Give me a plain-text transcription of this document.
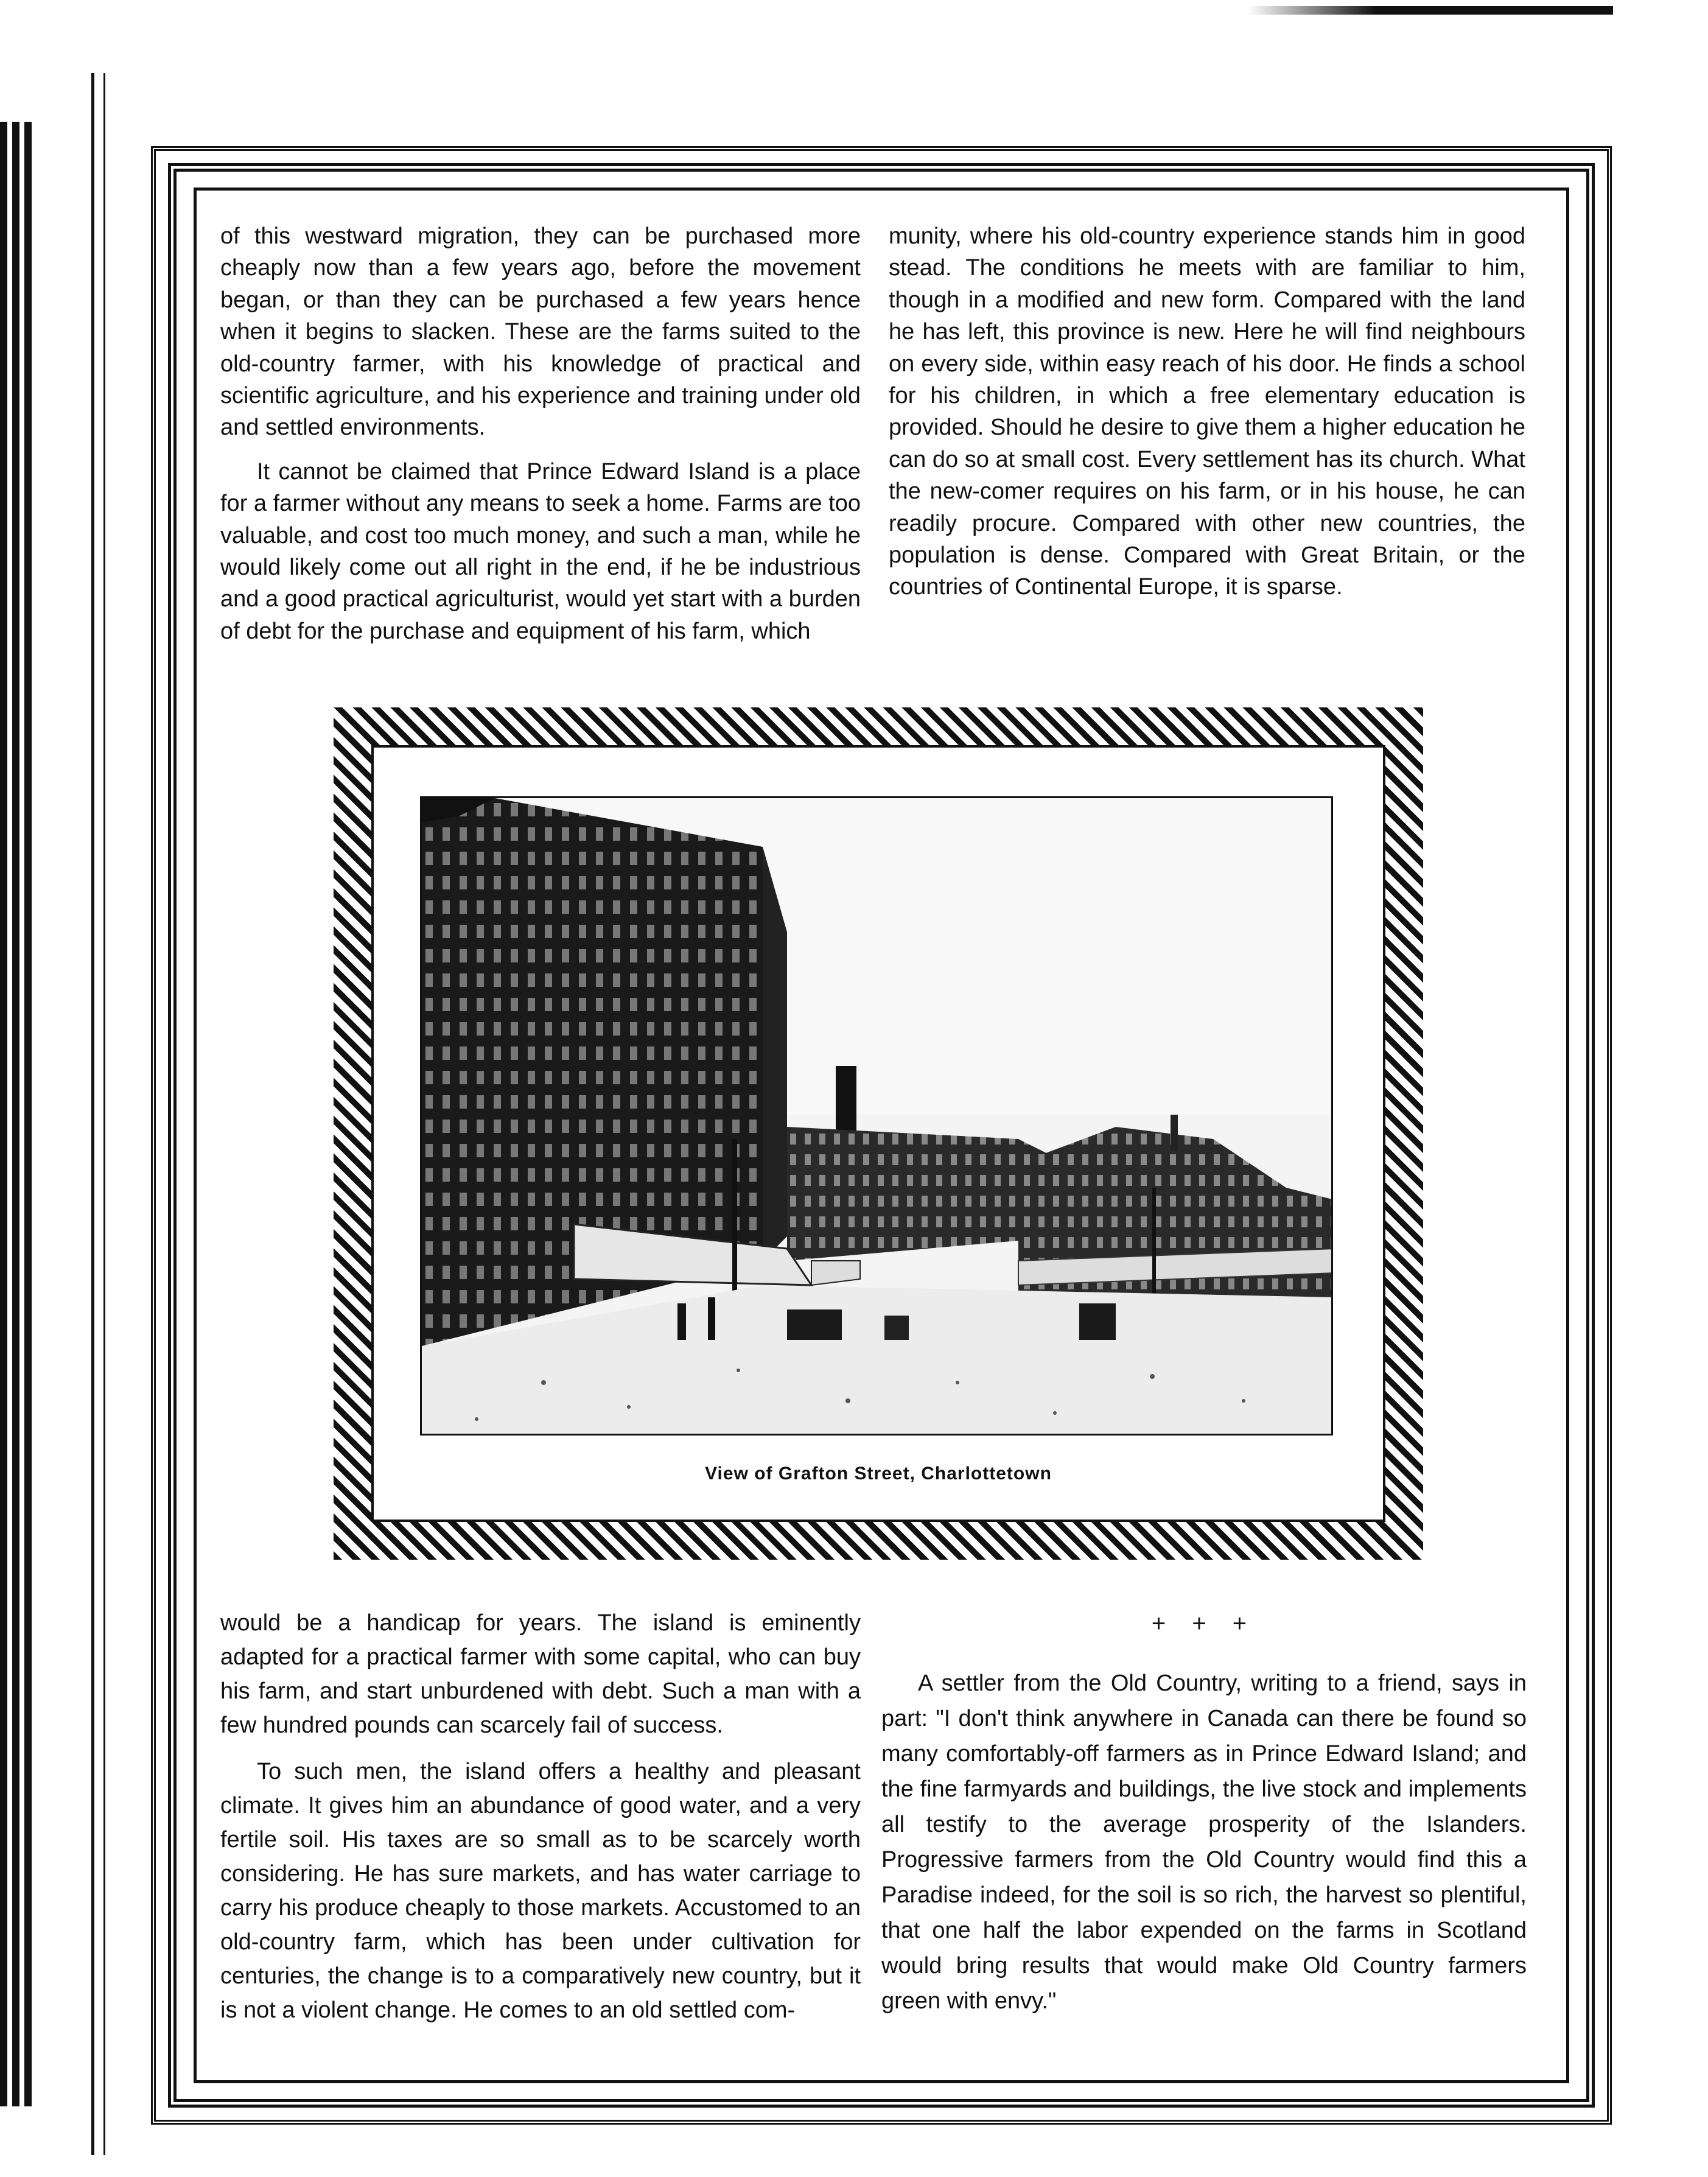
of this westward migration, they can be purchased more cheaply now than a few years ago, before the movement began, or than they can be purchased a few years hence when it begins to slacken. These are the farms suited to the old-country farmer, with his knowledge of practical and scientific agriculture, and his experience and training under old and settled environments.

It cannot be claimed that Prince Edward Island is a place for a farmer without any means to seek a home. Farms are too valuable, and cost too much money, and such a man, while he would likely come out all right in the end, if he be industrious and a good practical agriculturist, would yet start with a burden of debt for the purchase and equipment of his farm, which

munity, where his old-country experience stands him in good stead. The conditions he meets with are familiar to him, though in a modified and new form. Compared with the land he has left, this province is new. Here he will find neighbours on every side, within easy reach of his door. He finds a school for his children, in which a free elementary education is provided. Should he desire to give them a higher education he can do so at small cost. Every settlement has its church. What the new-comer requires on his farm, or in his house, he can readily procure. Compared with other new countries, the population is dense. Compared with Great Britain, or the countries of Continental Europe, it is sparse.

View of Grafton Street, Charlottetown

would be a handicap for years. The island is eminently adapted for a practical farmer with some capital, who can buy his farm, and start unburdened with debt. Such a man with a few hundred pounds can scarcely fail of success.

To such men, the island offers a healthy and pleasant climate. It gives him an abundance of good water, and a very fertile soil. His taxes are so small as to be scarcely worth considering. He has sure markets, and has water carriage to carry his produce cheaply to those markets. Accustomed to an old-country farm, which has been under cultivation for centuries, the change is to a comparatively new country, but it is not a violent change. He comes to an old settled com-

+ + +

A settler from the Old Country, writing to a friend, says in part: "I don't think anywhere in Canada can there be found so many comfortably-off farmers as in Prince Edward Island; and the fine farmyards and buildings, the live stock and implements all testify to the average prosperity of the Islanders. Progressive farmers from the Old Country would find this a Paradise indeed, for the soil is so rich, the harvest so plentiful, that one half the labor expended on the farms in Scotland would bring results that would make Old Country farmers green with envy."
